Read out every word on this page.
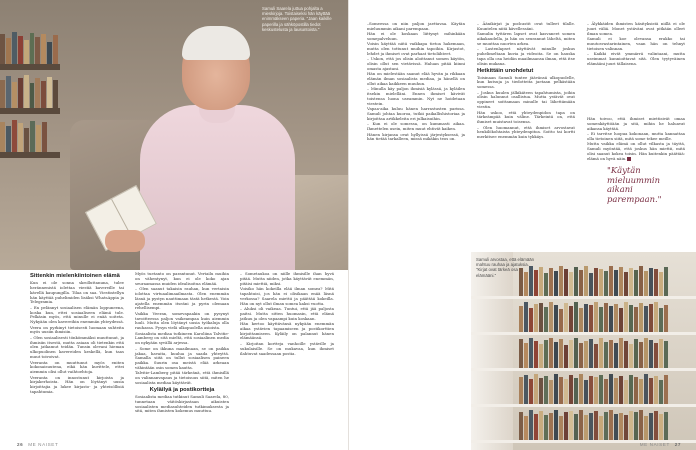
Samuli Saarela juttua pohjalta a mieskirjoja. Toistaiseksi hän käyttää enimmäkseen paperia. "Jaan kaikille paperilla ja sähköpostilla tiedot keskustelusta ja lausuntoista."
Sittenkin mielenkiintoinen elämä

Kun ei ole sonna skrolluttanuna, tulee herännenistä iolettaa viestiä kavereille tai kävellä kaupungilla. Tilaa on saa. Viestintellyn hän käyttää puhelimiden lisäksi WhatsAppia ja Telegramia.

– En pelännyt sosiaalisen elämän loppuneena, koska kun, ettei sosiaaliseen elämä tule. Pelkäsin myös, että minulle ei enää soiteta. Nykyään olen kavereihin enemmän yhteydessä.

Veera on pyrkinyt tietoisesti luomaan suhteita myös uusiin ihmisiin.

– Olen sosiaalisesti tönkömmäksi muuttunut, ja ihmisiin itsestä, mutta asiaan oli tietenkin että olen jatkamut teidän. Tunsin olevani hieman ulkopuolinen kavereiden keskellä, kun taas muut toivoivat.

Veeranta on muuttunut myös eniten kokonaisuutena, eikä hän kuvittele, ettei aiemmin olisi ollut vaihtoehtoja.

Veeranta on innostunut kirjoista ja kirjakerhoista. Hän on löytänyt uusia kirjoittajia ja lukee kirjasto- ja yhteisöllisiä tapahtumia.

Myös tuetanto on parantunut. Vertailu muihin on vähentynyt, kun ei ole koko ajan seuraamassa muiden idealisoitua elämää.

– Olen saanut takaisin rauhan, kun vertaisin iolottaa virtuaalimaailmasta. Olen enemmän läsnä ja pystyn nauttimaan tästä hetkestä. Voin ajatella enemmän itseäni ja pyrin olemaan rehellisempi.

Vaikka Veeran, somevapaakin on pysynyt tavoitteessa paljon vaikeampaa kuin aiemmin luuli. Mutta olen löytänyt uusia työkaluja olla rauhassa. Pysyn vielä ulkopuolella asioista.

Sosiaalista mediaa tutkineen Karoliina Talvitie-Lamberg on sitä mieltä, että sosiaalinen media on nykyään syvällä arjessa.

– Some on ikkuna maailmaan, se on paikka jakaa, havaita, kuulua ja saada yhteyttä. Samalla siitä on tullut sosiaalisen paineen paikka. Suurin osa meistä elää arkeaan vähintään osin somen kautta.

Talvitie-Lamberg pitää tärkeänä, että ihmisillä on valinnanvapaus ja tietoisuus siitä, miten he sosiaalista mediaa käyttävät.

Kyläilyä ja postikortteja

Sosiaalista mediaa tutkinut Samuli Saarela, 80, tunnetaan väitöskirjastaan aikuisten sosiaalisten mediasuhteiden tutkimuksesta ja sitä, miten ihmisten kokemus muuttuu.

– Sometaukoa on niille ihmisille ihan hyvä pitää. Mutta niiden, jotka käyttävät enemmän, pitäisi miettiä, miksi.

Voisiko hän kokeilla elää ilman somea? Mitä tapahtuisi, jos hän ei olisikaan enää läsnä verkossa? Saarela miettii ja päättää kokeilla. Hän on nyt ollut ilman somea kaksi vuotta.

– Aluksi oli vaikeaa. Tuntui, että jää paljosta paitsi. Mutta sitten huomasin, että elämä jatkuu ja olen vapaampi kuin koskaan.

Hän kertoo käyttävänsä nykyään enemmän aikaa ystävien tapaamiseen ja postikorttien kirjoittamiseen. Kyläily on palannut hänen elämäänsä.

– Kirjoitan kortteja vanhoille ystäville ja sukulaisille. Se on mukavaa, kun ihmiset ilahtuvat saadessaan postia.

26 ME NAISET

–Someessa on niin paljon jaettavaa. Käytän mieluummin aikani parempaan.

Hän ei ole koskaan liittynyt mihinkään somepalveluun.

Voisin käyttää niitä vaikkapa tietoa hakemaan, mutta olen tottunut muihin tapoihin. Kirjastot, lehdet ja ihmiset ovat parhaat tietolähteet.

– Uskon, että jos olisin aloittanut somen käytön, olisin ollut sen vietävissä. Haluan pitää kiinni omasta ajastani.

Hän on mielestään saanut elää hyvän ja rikkaan elämän ilman sosiaalista mediaa, ja hänellä on ollut aikaa kaikkeen muuhun.

– Minulla käy paljon ihmisiä kylässä, ja kyläilen itsekin mielelläni. Ennen ihmiset kävivät toistensa luona useammin. Nyt ne hoidetaan viestein.

Vapaa-aika kuluu hänen harrastusten parissa. Samuli johtaa kuoroa, tutkii paikallishistoriaa ja kirjoittaa artikkeleita eri julkaisuihin.

– Kun ei ole somessa, on kummasti aikaa. Ihmettelen usein, miten muut ehtivät kaiken.

Hänen kirjansa ovat hyllyissä järjestyksessä, ja hän tietää tarkalleen, missä mikäkin teos on.

– Äänikirjat ja podcastit ovat tulleet tilalle. Kuuntelen niitä kävellessäni.

Samulin tyttären lapset ovat kasvaneet somen aikakaudella, ja hän on seurannut läheltä, miten se muuttaa nuorten arkea.

– Lastenlapset näyttävät minulle joskus puhelimeltaan kuvia ja videoita. Se on hauska tapa olla osa heidän maailmaansa ilman, että itse olisin mukana.

Hetkittäin unohdetut

Toisinaan Samuli tuntee jäävänsä ulkopuolelle, kun kutsuja ja tiedotteita jaetaan pelkästään somessa.

– Joskus kuulen jälkikäteen tapahtumista, joihin olisin halunnut osallistua. Mutta ystävät ovat oppineet soittamaan minulle tai lähettämään viestin.

Hän uskoo, että yhteydenpidon tapa on tärkeämpää kuin väline. Tärkeintä on, että ihmiset muistavat toisensa.

– Olen huomannut, että ihmiset arvostavat henkilökohtaista yhteydenpitoa. Soitto tai kortti merkitsee enemmän kuin tykkäys.

– Älykkäiden ihmisten käsityksistä niillä ei ole juuri väliä. Monet ystäväni ovat pitkään olleet ilman somea.

Samuli ei koe olevansa erakko tai muutosvastarintainen, vaan hän on tehnyt tietoisen valinnan.

– Kaikki eivät ymmärrä valintaani, mutta useimmat kunnioittavat sitä. Olen tyytyväinen elämääni juuri tällaisena.

Hän toivoo, että ihmiset miettisivät omaa somenkäyttöään ja sitä, mihin he haluavat aikansa käyttää.

– Ei tarvitse luopua kokonaan, mutta kannattaa olla tietoinen siitä, mitä some tekee meille.

Mutta vaikka elämä on ollut vilkasta ja täyttä, Samuli myöntää, että joskus hän miettii, mitä olisi saanut kokea toisin. Hän kuitenkin päättää: elämä on hyvä näin.

"Käytän mieluummin aikani parempaan."
Samuli arvostaa, että elämään mahtuu rauhaa ja ajatuksia. "Kirjat ovat tärkeä osa elämääni."
ME NAISET 27
